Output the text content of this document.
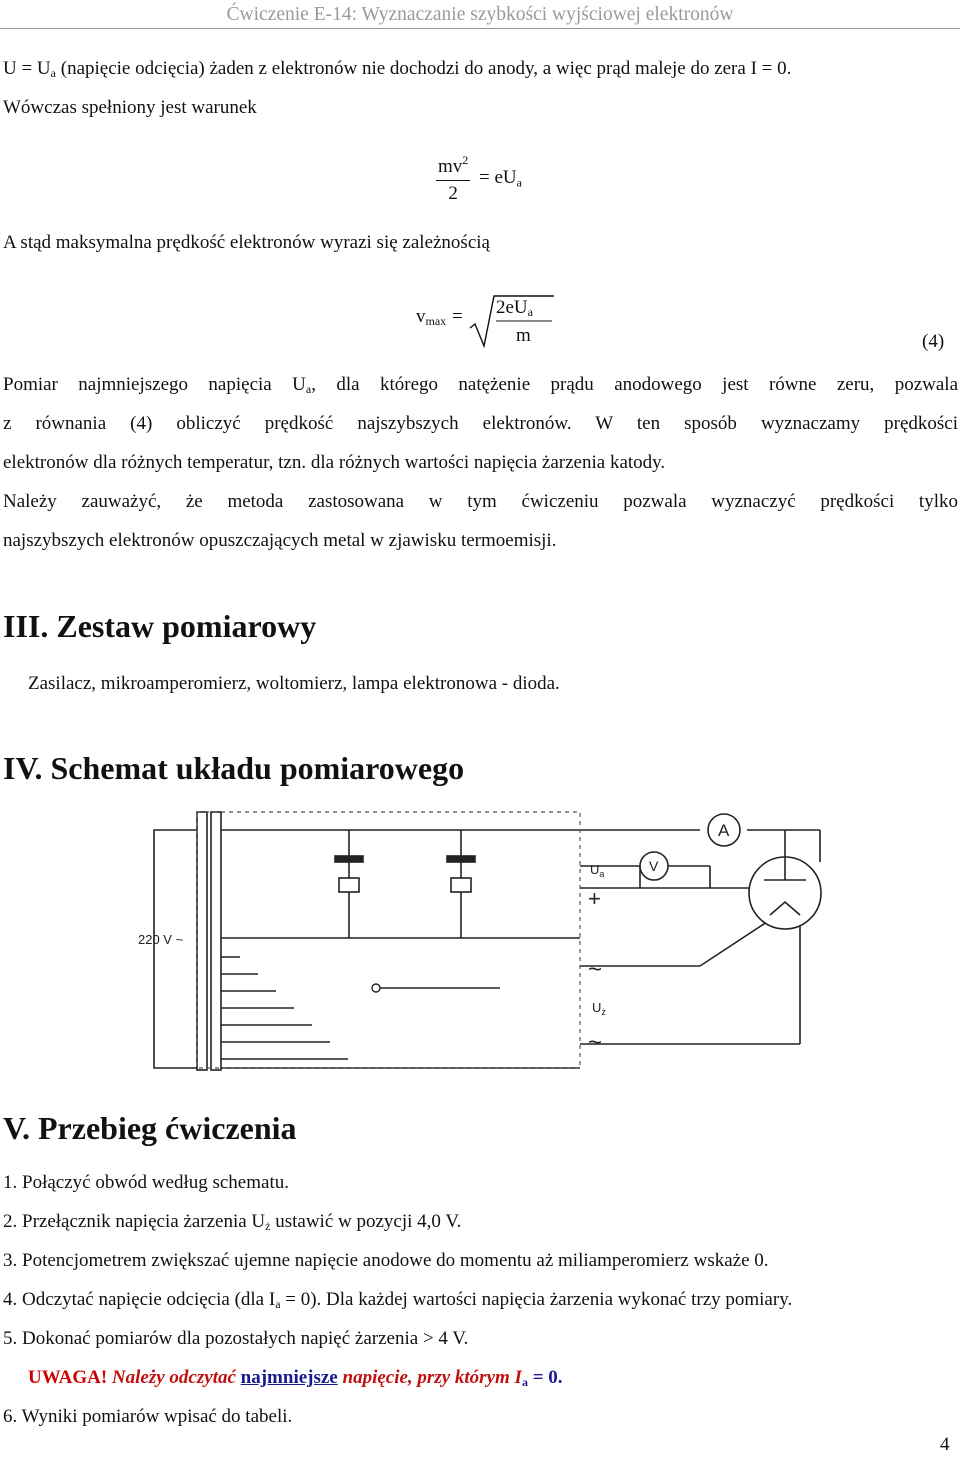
Ćwiczenie E-14: Wyznaczanie szybkości wyjściowej elektronów

$U = U_a$ (napięcie odcięcia) żaden z elektronów nie dochodzi do anody, a więc prąd maleje do zera I = 0.

Wówczas spełniony jest warunek

$\frac{mv^2}{2} = eU_a$

A stąd maksymalna prędkość elektronów wyrazi się zależnością

$v_{max} = 2eU_a$
m	(4)

Pomiar najmniejszego napięcia $U_a$, dla którego natężenie prądu anodowego jest równe zeru, pozwala

z równania (4) obliczyć prędkość najszybszych elektronów. W ten sposób wyznaczamy prędkości

elektronów dla różnych temperatur, tzn. dla różnych wartości napięcia żarzenia katody.

Należy zauważyć, że metoda zastosowana w tym ćwiczeniu pozwala wyznaczyć prędkości tylko

najszybszych elektronów opuszczających metal w zjawisku termoemisji.

III. Zestaw pomiarowy

Zasilacz, mikroamperomierz, woltomierz, lampa elektronowa - dioda.

IV. Schemat układu pomiarowego
220 V ~
A
V
$U_a$
+
~
$U_ż$
~
V. Przebieg ćwiczenia

1. Połączyć obwód według schematu.

2. Przełącznik napięcia żarzenia $U_ż$ ustawić w pozycji 4,0 V.

3. Potencjometrem zwiększać ujemne napięcie anodowe do momentu aż miliamperomierz wskaże 0.

4. Odczytać napięcie odcięcia (dla $I_a = 0$). Dla każdej wartości napięcia żarzenia wykonać trzy pomiary.

5. Dokonać pomiarów dla pozostałych napięć żarzenia > 4 V.

UWAGA! Należy odczytać najmniejsze napięcie, przy którym $I_a = 0$.

6. Wyniki pomiarów wpisać do tabeli.

4
